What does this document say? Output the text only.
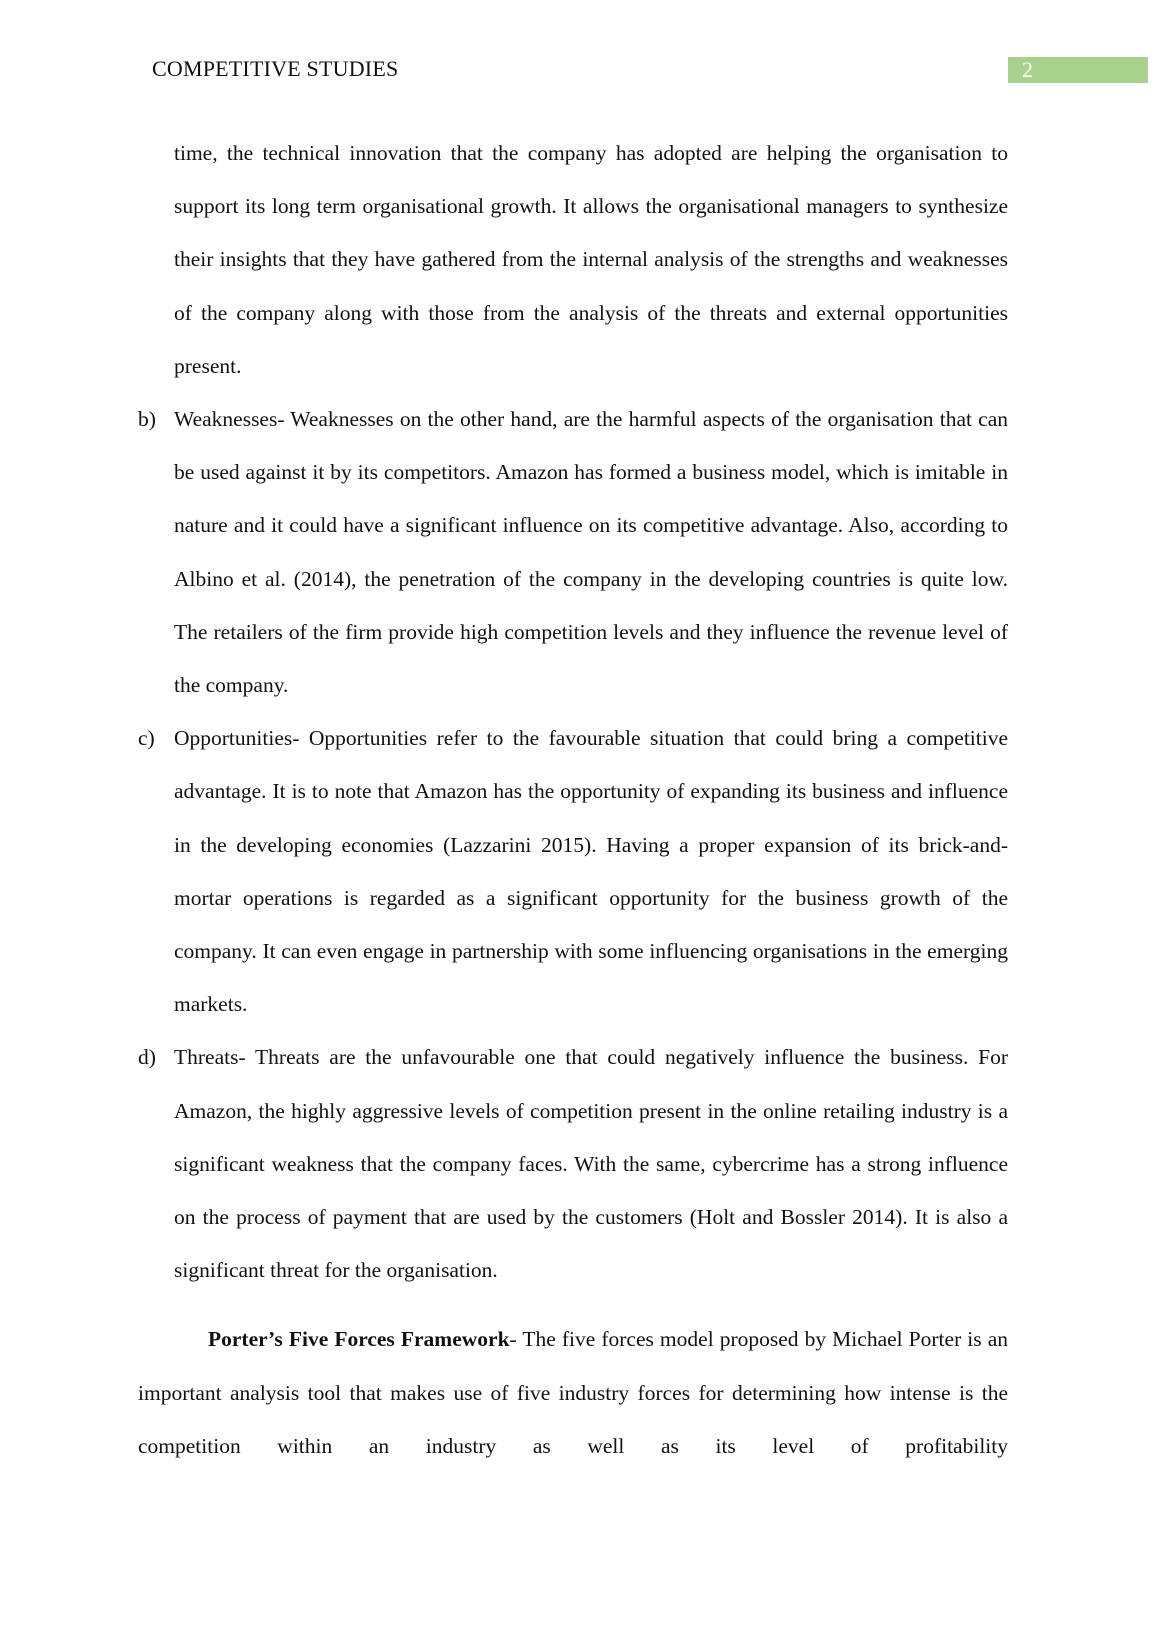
COMPETITIVE STUDIES	2
time, the technical innovation that the company has adopted are helping the organisation to support its long term organisational growth. It allows the organisational managers to synthesize their insights that they have gathered from the internal analysis of the strengths and weaknesses of the company along with those from the analysis of the threats and external opportunities present.
b) Weaknesses- Weaknesses on the other hand, are the harmful aspects of the organisation that can be used against it by its competitors. Amazon has formed a business model, which is imitable in nature and it could have a significant influence on its competitive advantage. Also, according to Albino et al. (2014), the penetration of the company in the developing countries is quite low. The retailers of the firm provide high competition levels and they influence the revenue level of the company.
c) Opportunities- Opportunities refer to the favourable situation that could bring a competitive advantage. It is to note that Amazon has the opportunity of expanding its business and influence in the developing economies (Lazzarini 2015). Having a proper expansion of its brick-and-mortar operations is regarded as a significant opportunity for the business growth of the company. It can even engage in partnership with some influencing organisations in the emerging markets.
d) Threats- Threats are the unfavourable one that could negatively influence the business. For Amazon, the highly aggressive levels of competition present in the online retailing industry is a significant weakness that the company faces. With the same, cybercrime has a strong influence on the process of payment that are used by the customers (Holt and Bossler 2014). It is also a significant threat for the organisation.
Porter’s Five Forces Framework- The five forces model proposed by Michael Porter is an important analysis tool that makes use of five industry forces for determining how intense is the competition within an industry as well as its level of profitability
